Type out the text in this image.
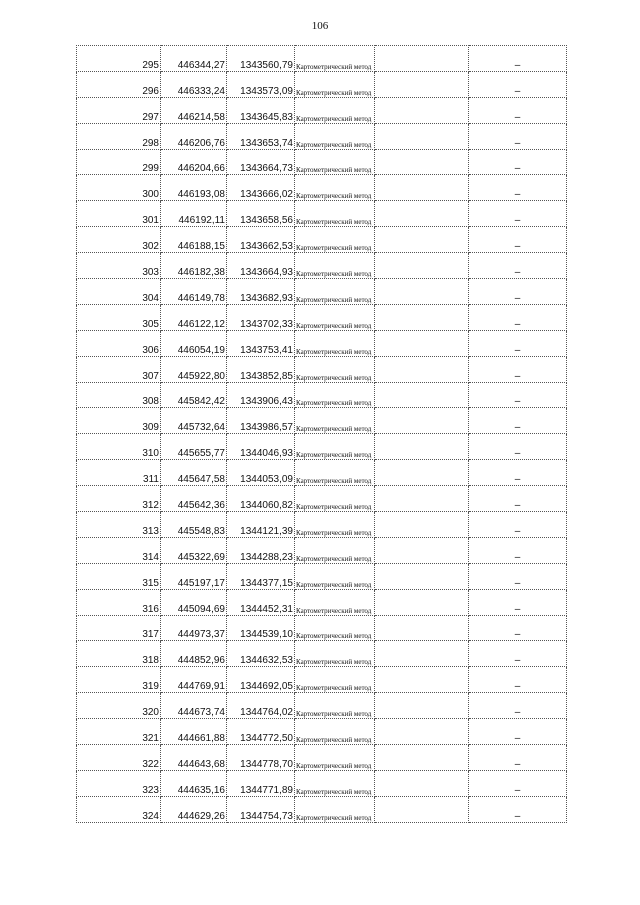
106
295	446344,27	1343560,79	Картометрический метод		–
296	446333,24	1343573,09	Картометрический метод		–
297	446214,58	1343645,83	Картометрический метод		–
298	446206,76	1343653,74	Картометрический метод		–
299	446204,66	1343664,73	Картометрический метод		–
300	446193,08	1343666,02	Картометрический метод		–
301	446192,11	1343658,56	Картометрический метод		–
302	446188,15	1343662,53	Картометрический метод		–
303	446182,38	1343664,93	Картометрический метод		–
304	446149,78	1343682,93	Картометрический метод		–
305	446122,12	1343702,33	Картометрический метод		–
306	446054,19	1343753,41	Картометрический метод		–
307	445922,80	1343852,85	Картометрический метод		–
308	445842,42	1343906,43	Картометрический метод		–
309	445732,64	1343986,57	Картометрический метод		–
310	445655,77	1344046,93	Картометрический метод		–
311	445647,58	1344053,09	Картометрический метод		–
312	445642,36	1344060,82	Картометрический метод		–
313	445548,83	1344121,39	Картометрический метод		–
314	445322,69	1344288,23	Картометрический метод		–
315	445197,17	1344377,15	Картометрический метод		–
316	445094,69	1344452,31	Картометрический метод		–
317	444973,37	1344539,10	Картометрический метод		–
318	444852,96	1344632,53	Картометрический метод		–
319	444769,91	1344692,05	Картометрический метод		–
320	444673,74	1344764,02	Картометрический метод		–
321	444661,88	1344772,50	Картометрический метод		–
322	444643,68	1344778,70	Картометрический метод		–
323	444635,16	1344771,89	Картометрический метод		–
324	444629,26	1344754,73	Картометрический метод		–
